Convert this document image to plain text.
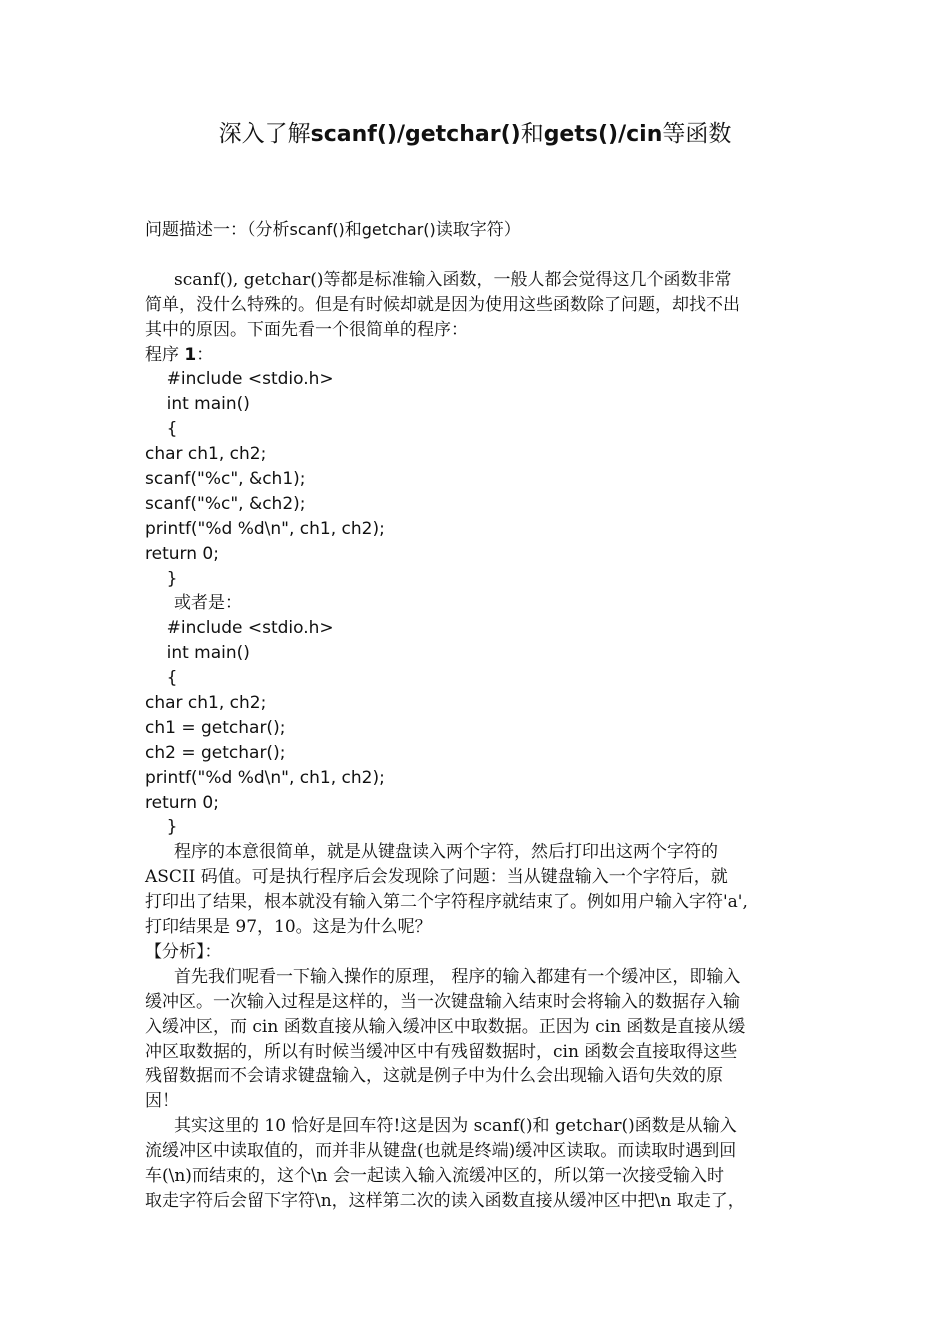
深入了解scanf()/getchar()和gets()/cin等函数
问题描述一：（分析scanf()和getchar()读取字符）
scanf(), getchar()等都是标准输入函数，一般人都会觉得这几个函数非常
简单，没什么特殊的。但是有时候却就是因为使用这些函数除了问题，却找不出
其中的原因。下面先看一个很简单的程序：
程序 1：
#include <stdio.h>
int main()
{
char ch1, ch2;
scanf("%c", &ch1);
scanf("%c", &ch2);
printf("%d %d\n", ch1, ch2);
return 0;
}
或者是：
#include <stdio.h>
int main()
{
char ch1, ch2;
ch1 = getchar();
ch2 = getchar();
printf("%d %d\n", ch1, ch2);
return 0;
}
程序的本意很简单，就是从键盘读入两个字符，然后打印出这两个字符的
ASCII 码值。可是执行程序后会发现除了问题：当从键盘输入一个字符后，就
打印出了结果，根本就没有输入第二个字符程序就结束了。例如用户输入字符'a',
打印结果是 97，10。这是为什么呢？
【分析】：
首先我们呢看一下输入操作的原理， 程序的输入都建有一个缓冲区，即输入
缓冲区。一次输入过程是这样的，当一次键盘输入结束时会将输入的数据存入输
入缓冲区，而 cin 函数直接从输入缓冲区中取数据。正因为 cin 函数是直接从缓
冲区取数据的，所以有时候当缓冲区中有残留数据时，cin 函数会直接取得这些
残留数据而不会请求键盘输入，这就是例子中为什么会出现输入语句失效的原
因！
其实这里的 10 恰好是回车符!这是因为 scanf()和 getchar()函数是从输入
流缓冲区中读取值的，而并非从键盘(也就是终端)缓冲区读取。而读取时遇到回
车(\n)而结束的，这个\n 会一起读入输入流缓冲区的，所以第一次接受输入时
取走字符后会留下字符\n，这样第二次的读入函数直接从缓冲区中把\n 取走了，
